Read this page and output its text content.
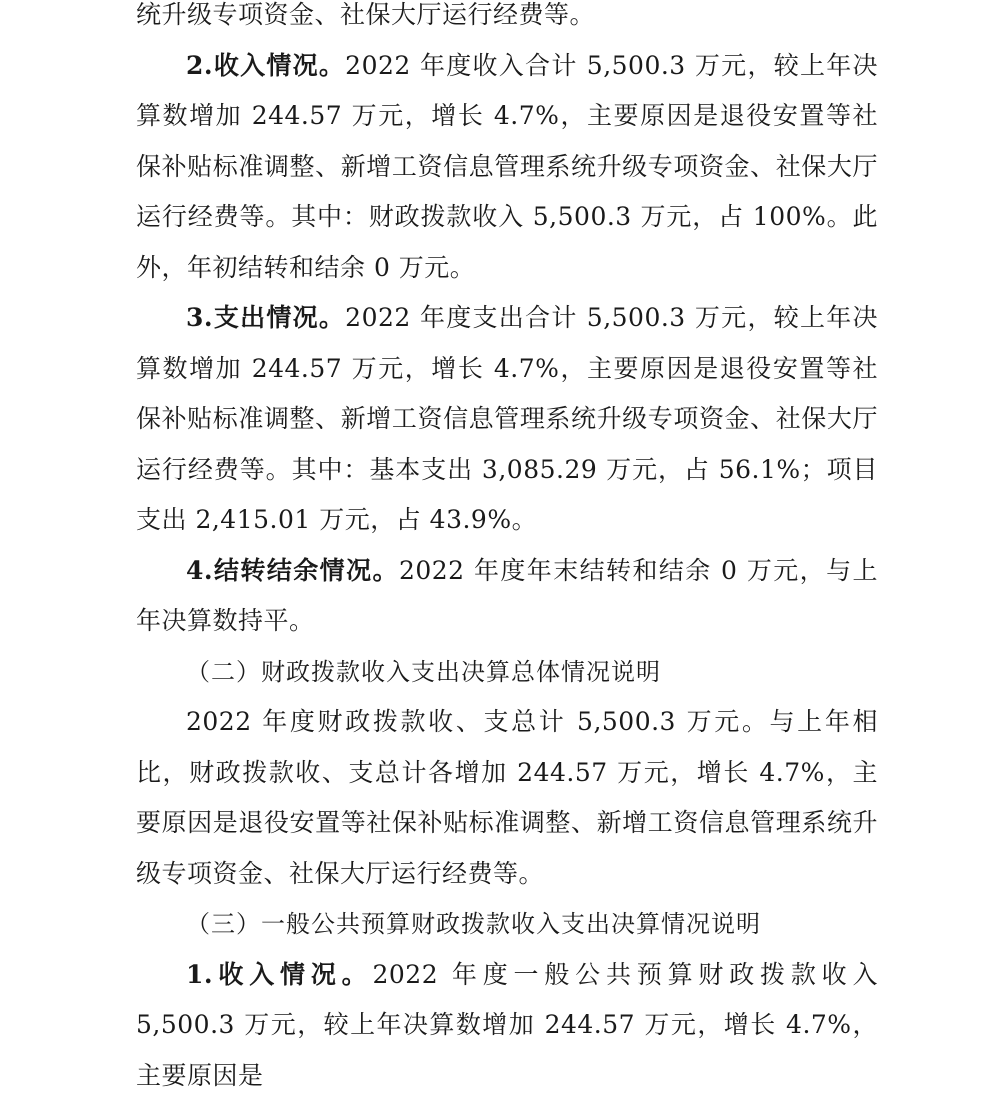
统升级专项资金、社保大厅运行经费等。

2.收入情况。2022 年度收入合计 5,500.3 万元，较上年决算数增加 244.57 万元，增长 4.7%，主要原因是退役安置等社保补贴标准调整、新增工资信息管理系统升级专项资金、社保大厅运行经费等。其中：财政拨款收入 5,500.3 万元，占 100%。此外，年初结转和结余 0 万元。

3.支出情况。2022 年度支出合计 5,500.3 万元，较上年决算数增加 244.57 万元，增长 4.7%，主要原因是退役安置等社保补贴标准调整、新增工资信息管理系统升级专项资金、社保大厅运行经费等。其中：基本支出 3,085.29 万元，占 56.1%；项目支出 2,415.01 万元，占 43.9%。

4.结转结余情况。2022 年度年末结转和结余 0 万元，与上年决算数持平。

（二）财政拨款收入支出决算总体情况说明

2022 年度财政拨款收、支总计 5,500.3 万元。与上年相比，财政拨款收、支总计各增加 244.57 万元，增长 4.7%，主要原因是退役安置等社保补贴标准调整、新增工资信息管理系统升级专项资金、社保大厅运行经费等。

（三）一般公共预算财政拨款收入支出决算情况说明

1.收入情况。2022 年度一般公共预算财政拨款收入 5,500.3 万元，较上年决算数增加 244.57 万元，增长 4.7%，主要原因是
